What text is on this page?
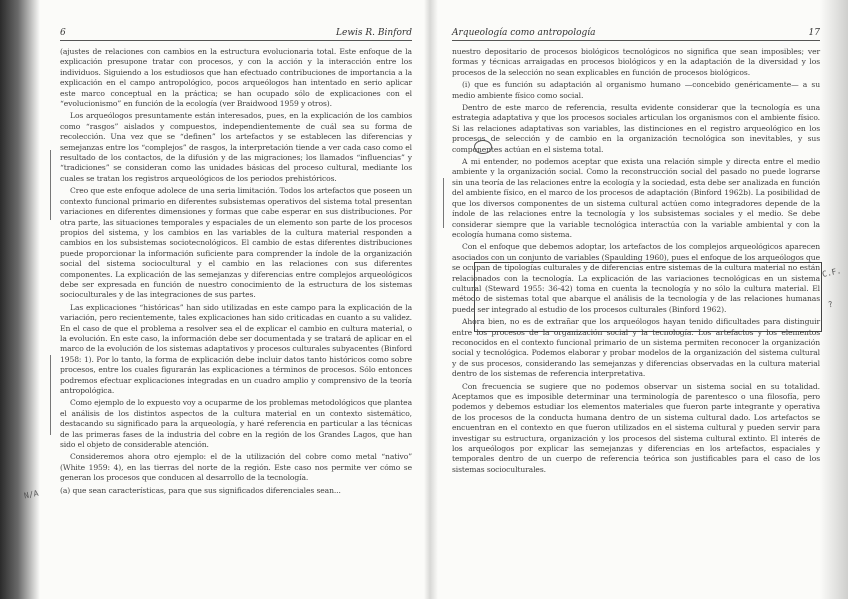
6	Lewis R. Binford

(ajustes de relaciones con cambios en la estructura evolucionaria total. Este enfoque de la explicación presupone tratar con procesos, y con la acción y la interacción entre los individuos. Siguiendo a los estudiosos que han efectuado contribuciones de importancia a la explicación en el campo antropológico, pocos arqueólogos han intentado en serio aplicar este marco conceptual en la práctica; se han ocupado sólo de explicaciones con el “evolucionismo” en función de la ecología (ver Braidwood 1959 y otros).

Los arqueólogos presuntamente están interesados, pues, en la explicación de los cambios como “rasgos” aislados y compuestos, independientemente de cuál sea su forma de recolección. Una vez que se “definen” los artefactos y se establecen las diferencias y semejanzas entre los “complejos” de rasgos, la interpretación tiende a ver cada caso como el resultado de los contactos, de la difusión y de las migraciones; los llamados “influencias” y “tradiciones” se consideran como las unidades básicas del proceso cultural, mediante los cuales se tratan los registros arqueológicos de los periodos prehistóricos.

Creo que este enfoque adolece de una seria limitación. Todos los artefactos que poseen un contexto funcional primario en diferentes subsistemas operativos del sistema total presentan variaciones en diferentes dimensiones y formas que cabe esperar en sus distribuciones. Por otra parte, las situaciones temporales y espaciales de un elemento son parte de los procesos propios del sistema, y los cambios en las variables de la cultura material responden a cambios en los subsistemas sociotecnológicos. El cambio de estas diferentes distribuciones puede proporcionar la información suficiente para comprender la índole de la organización social del sistema sociocultural y el cambio en las relaciones con sus diferentes componentes. La explicación de las semejanzas y diferencias entre complejos arqueológicos debe ser expresada en función de nuestro conocimiento de la estructura de los sistemas socioculturales y de las integraciones de sus partes.

Las explicaciones “históricas” han sido utilizadas en este campo para la explicación de la variación, pero recientemente, tales explicaciones han sido criticadas en cuanto a su validez. En el caso de que el problema a resolver sea el de explicar el cambio en cultura material, o la evolución. En este caso, la información debe ser documentada y se tratará de aplicar en el marco de la evolución de los sistemas adaptativos y procesos culturales subyacentes (Binford 1958: 1). Por lo tanto, la forma de explicación debe incluir datos tanto históricos como sobre procesos, entre los cuales figurarán las explicaciones a términos de procesos. Sólo entonces podremos efectuar explicaciones integradas en un cuadro amplio y comprensivo de la teoría antropológica.

Como ejemplo de lo expuesto voy a ocuparme de los problemas metodológicos que plantea el análisis de los distintos aspectos de la cultura material en un contexto sistemático, destacando su significado para la arqueología, y haré referencia en particular a las técnicas de las primeras fases de la industria del cobre en la región de los Grandes Lagos, que han sido el objeto de considerable atención.

Consideremos ahora otro ejemplo: el de la utilización del cobre como metal “nativo” (White 1959: 4), en las tierras del norte de la región. Este caso nos permite ver cómo se generan los procesos que conducen al desarrollo de la tecnología.

(a) que sean características, para que sus significados diferenciales sean...

N/A
Arqueología como antropología	17

nuestro depositario de procesos biológicos tecnológicos no significa que sean imposibles; ver formas y técnicas arraigadas en procesos biológicos y en la adaptación de la diversidad y los procesos de la selección no sean explicables en función de procesos biológicos.

(i) que es función su adaptación al organismo humano —concebido genéricamente— a su medio ambiente físico como social.

Dentro de este marco de referencia, resulta evidente considerar que la tecnología es una estrategia adaptativa y que los procesos sociales articulan los organismos con el ambiente físico. Si las relaciones adaptativas son variables, las distinciones en el registro arqueológico en los procesos de selección y de cambio en la organización tecnológica son inevitables, y sus componentes actúan en el sistema total.

A mi entender, no podemos aceptar que exista una relación simple y directa entre el medio ambiente y la organización social. Como la reconstrucción social del pasado no puede lograrse sin una teoría de las relaciones entre la ecología y la sociedad, esta debe ser analizada en función del ambiente físico, en el marco de los procesos de adaptación (Binford 1962b). La posibilidad de que los diversos componentes de un sistema cultural actúen como integradores depende de la índole de las relaciones entre la tecnología y los subsistemas sociales y el medio. Se debe considerar siempre que la variable tecnológica interactúa con la variable ambiental y con la ecología humana como sistema.

Con el enfoque que debemos adoptar, los artefactos de los complejos arqueológicos aparecen asociados con un conjunto de variables (Spaulding 1960), pues el enfoque de los arqueólogos que se ocupan de tipologías culturales y de diferencias entre sistemas de la cultura material no están relacionados con la tecnología. La explicación de las variaciones tecnológicas en un sistema cultural (Steward 1955: 36-42) toma en cuenta la tecnología y no sólo la cultura material. El método de sistemas total que abarque el análisis de la tecnología y de las relaciones humanas puede ser integrado al estudio de los procesos culturales (Binford 1962).

Ahora bien, no es de extrañar que los arqueólogos hayan tenido dificultades para distinguir entre los procesos de la organización social y la tecnología. Los artefactos y los elementos reconocidos en el contexto funcional primario de un sistema permiten reconocer la organización social y tecnológica. Podemos elaborar y probar modelos de la organización del sistema cultural y de sus procesos, considerando las semejanzas y diferencias observadas en la cultura material dentro de los sistemas de referencia interpretativa.

Con frecuencia se sugiere que no podemos observar un sistema social en su totalidad. Aceptamos que es imposible determinar una terminología de parentesco o una filosofía, pero podemos y debemos estudiar los elementos materiales que fueron parte integrante y operativa de los procesos de la conducta humana dentro de un sistema cultural dado. Los artefactos se encuentran en el contexto en que fueron utilizados en el sistema cultural y pueden servir para investigar su estructura, organización y los procesos del sistema cultural extinto. El interés de los arqueólogos por explicar las semejanzas y diferencias en los artefactos, espaciales y temporales dentro de un cuerpo de referencia teórica son justificables para el caso de los sistemas socioculturales.

C.F.
?
